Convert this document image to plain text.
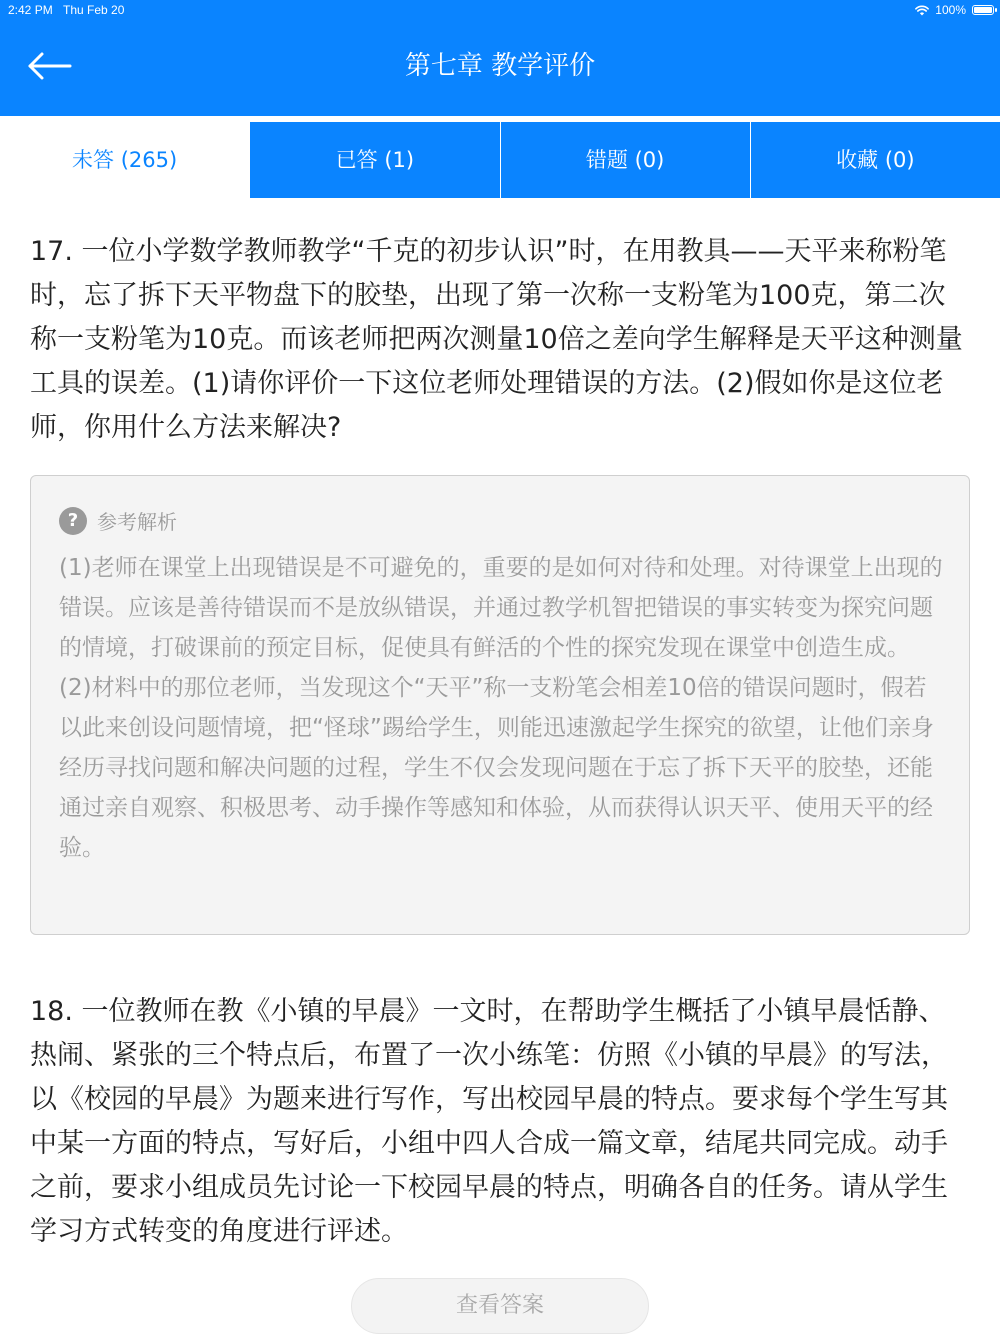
2:42 PM Thu Feb 20	100%
第七章 教学评价
未答 (265)	已答 (1)	错题 (0)	收藏 (0)

17. 一位小学数学教师教学“千克的初步认识”时，在用教具——天平来称粉笔时，忘了拆下天平物盘下的胶垫，出现了第一次称一支粉笔为100克，第二次称一支粉笔为10克。而该老师把两次测量10倍之差向学生解释是天平这种测量工具的误差。(1)请你评价一下这位老师处理错误的方法。(2)假如你是这位老师，你用什么方法来解决?

? 参考解析

(1)老师在课堂上出现错误是不可避免的，重要的是如何对待和处理。对待课堂上出现的错误。应该是善待错误而不是放纵错误，并通过教学机智把错误的事实转变为探究问题的情境，打破课前的预定目标，促使具有鲜活的个性的探究发现在课堂中创造生成。

(2)材料中的那位老师，当发现这个“天平”称一支粉笔会相差10倍的错误问题时，假若以此来创设问题情境，把“怪球”踢给学生，则能迅速激起学生探究的欲望，让他们亲身经历寻找问题和解决问题的过程，学生不仅会发现问题在于忘了拆下天平的胶垫，还能通过亲自观察、积极思考、动手操作等感知和体验，从而获得认识天平、使用天平的经验。

18. 一位教师在教《小镇的早晨》一文时，在帮助学生概括了小镇早晨恬静、热闹、紧张的三个特点后，布置了一次小练笔：仿照《小镇的早晨》的写法，以《校园的早晨》为题来进行写作，写出校园早晨的特点。要求每个学生写其中某一方面的特点，写好后，小组中四人合成一篇文章，结尾共同完成。动手之前，要求小组成员先讨论一下校园早晨的特点，明确各自的任务。请从学生学习方式转变的角度进行评述。

查看答案
